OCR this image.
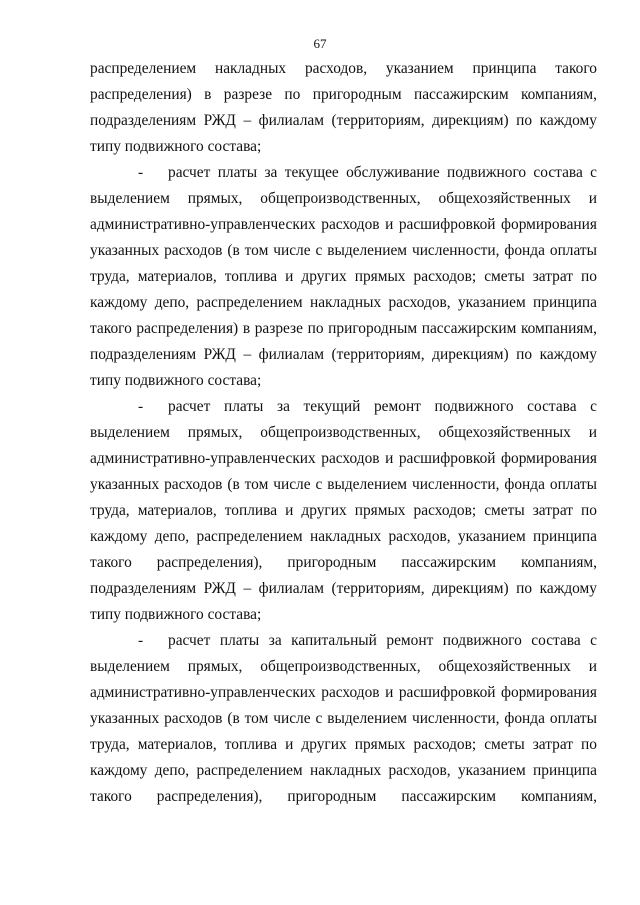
67
распределением накладных расходов, указанием принципа такого
распределения) в разрезе по пригородным пассажирским компаниям,
подразделениям РЖД – филиалам (территориям, дирекциям) по каждому
типу подвижного состава;
-	расчет платы за текущее обслуживание подвижного состава с
выделением прямых, общепроизводственных, общехозяйственных и
административно-управленческих расходов и расшифровкой формирования
указанных расходов (в том числе с выделением численности, фонда оплаты
труда, материалов, топлива и других прямых расходов; сметы затрат по
каждому депо, распределением накладных расходов, указанием принципа
такого распределения) в разрезе по пригородным пассажирским компаниям,
подразделениям РЖД – филиалам (территориям, дирекциям) по каждому
типу подвижного состава;
-	расчет платы за текущий ремонт подвижного состава с
выделением прямых, общепроизводственных, общехозяйственных и
административно-управленческих расходов и расшифровкой формирования
указанных расходов (в том числе с выделением численности, фонда оплаты
труда, материалов, топлива и других прямых расходов; сметы затрат по
каждому депо, распределением накладных расходов, указанием принципа
такого распределения), пригородным пассажирским компаниям,
подразделениям РЖД – филиалам (территориям, дирекциям) по каждому
типу подвижного состава;
-	расчет платы за капитальный ремонт подвижного состава с
выделением прямых, общепроизводственных, общехозяйственных и
административно-управленческих расходов и расшифровкой формирования
указанных расходов (в том числе с выделением численности, фонда оплаты
труда, материалов, топлива и других прямых расходов; сметы затрат по
каждому депо, распределением накладных расходов, указанием принципа
такого распределения), пригородным пассажирским компаниям,
